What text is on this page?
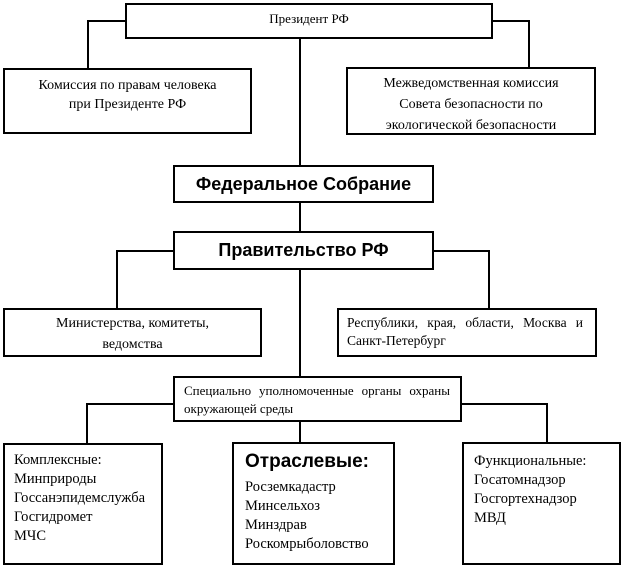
Президент РФ
Комиссия по правам человека
при Президенте РФ
Межведомственная комиссия
Совета безопасности по
экологической безопасности
Федеральное Собрание
Правительство РФ
Министерства, комитеты,
ведомства
Республики, края, области, Москва и
Санкт-Петербург
Специально уполномоченные органы охраны
окружающей среды
Комплексные:
Минприроды
Госсанэпидемслужба
Госгидромет
МЧС
Отраслевые:
Росземкадастр
Минсельхоз
Минздрав
Роскомрыболовство
Функциональные:
Госатомнадзор
Госгортехнадзор
МВД
